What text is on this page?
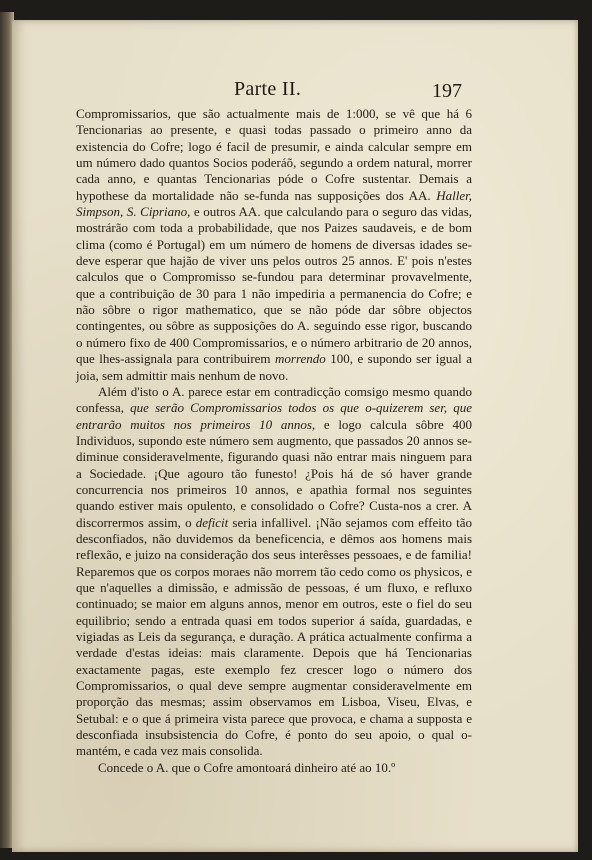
Parte II.	197

Compromissarios, que são actualmente mais de 1:000, se vê que há 6 Tencionarias ao presente, e quasi todas passado o primeiro anno da existencia do Cofre; logo é facil de presumir, e ainda calcular sempre em um número dado quantos Socios poderáõ, segundo a ordem natural, morrer cada anno, e quantas Tencionarias póde o Cofre sustentar. Demais a hypothese da mortalidade não se-funda nas supposições dos AA. Haller, Simpson, S. Cipriano, e outros AA. que calculando para o seguro das vidas, mostrárão com toda a probabilidade, que nos Paizes saudaveis, e de bom clima (como é Portugal) em um número de homens de diversas idades se-deve esperar que hajão de viver uns pelos outros 25 annos. E' pois n'estes calculos que o Compromisso se-fundou para determinar provavelmente, que a contribuição de 30 para 1 não impediria a permanencia do Cofre; e não sôbre o rigor mathematico, que se não póde dar sôbre objectos contingentes, ou sôbre as supposições do A. seguindo esse rigor, buscando o número fixo de 400 Compromissarios, e o número arbitrario de 20 annos, que lhes-assignala para contribuirem morrendo 100, e supondo ser igual a joia, sem admittir mais nenhum de novo.

Além d'isto o A. parece estar em contradicção comsigo mesmo quando confessa, que serão Compromissarios todos os que o-quizerem ser, que entrarão muitos nos primeiros 10 annos, e logo calcula sôbre 400 Individuos, supondo este número sem augmento, que passados 20 annos se-diminue consideravelmente, figurando quasi não entrar mais ninguem para a Sociedade. ¡Que agouro tão funesto! ¿Pois há de só haver grande concurrencia nos primeiros 10 annos, e apathia formal nos seguintes quando estiver mais opulento, e consolidado o Cofre? Custa-nos a crer. A discorrermos assim, o deficit seria infallivel. ¡Não sejamos com effeito tão desconfiados, não duvidemos da beneficencia, e dêmos aos homens mais reflexão, e juizo na consideração dos seus interêsses pessoaes, e de familia! Reparemos que os corpos moraes não morrem tão cedo como os physicos, e que n'aquelles a dimissão, e admissão de pessoas, é um fluxo, e refluxo continuado; se maior em alguns annos, menor em outros, este o fiel do seu equilibrio; sendo a entrada quasi em todos superior á saída, guardadas, e vigiadas as Leis da segurança, e duração. A prática actualmente confirma a verdade d'estas ideias: mais claramente. Depois que há Tencionarias exactamente pagas, este exemplo fez crescer logo o número dos Compromissarios, o qual deve sempre augmentar consideravelmente em proporção das mesmas; assim observamos em Lisboa, Viseu, Elvas, e Setubal: e o que á primeira vista parece que provoca, e chama a supposta e desconfiada insubsistencia do Cofre, é ponto do seu apoio, o qual o-mantém, e cada vez mais consolida.

Concede o A. que o Cofre amontoará dinheiro até ao 10.º
